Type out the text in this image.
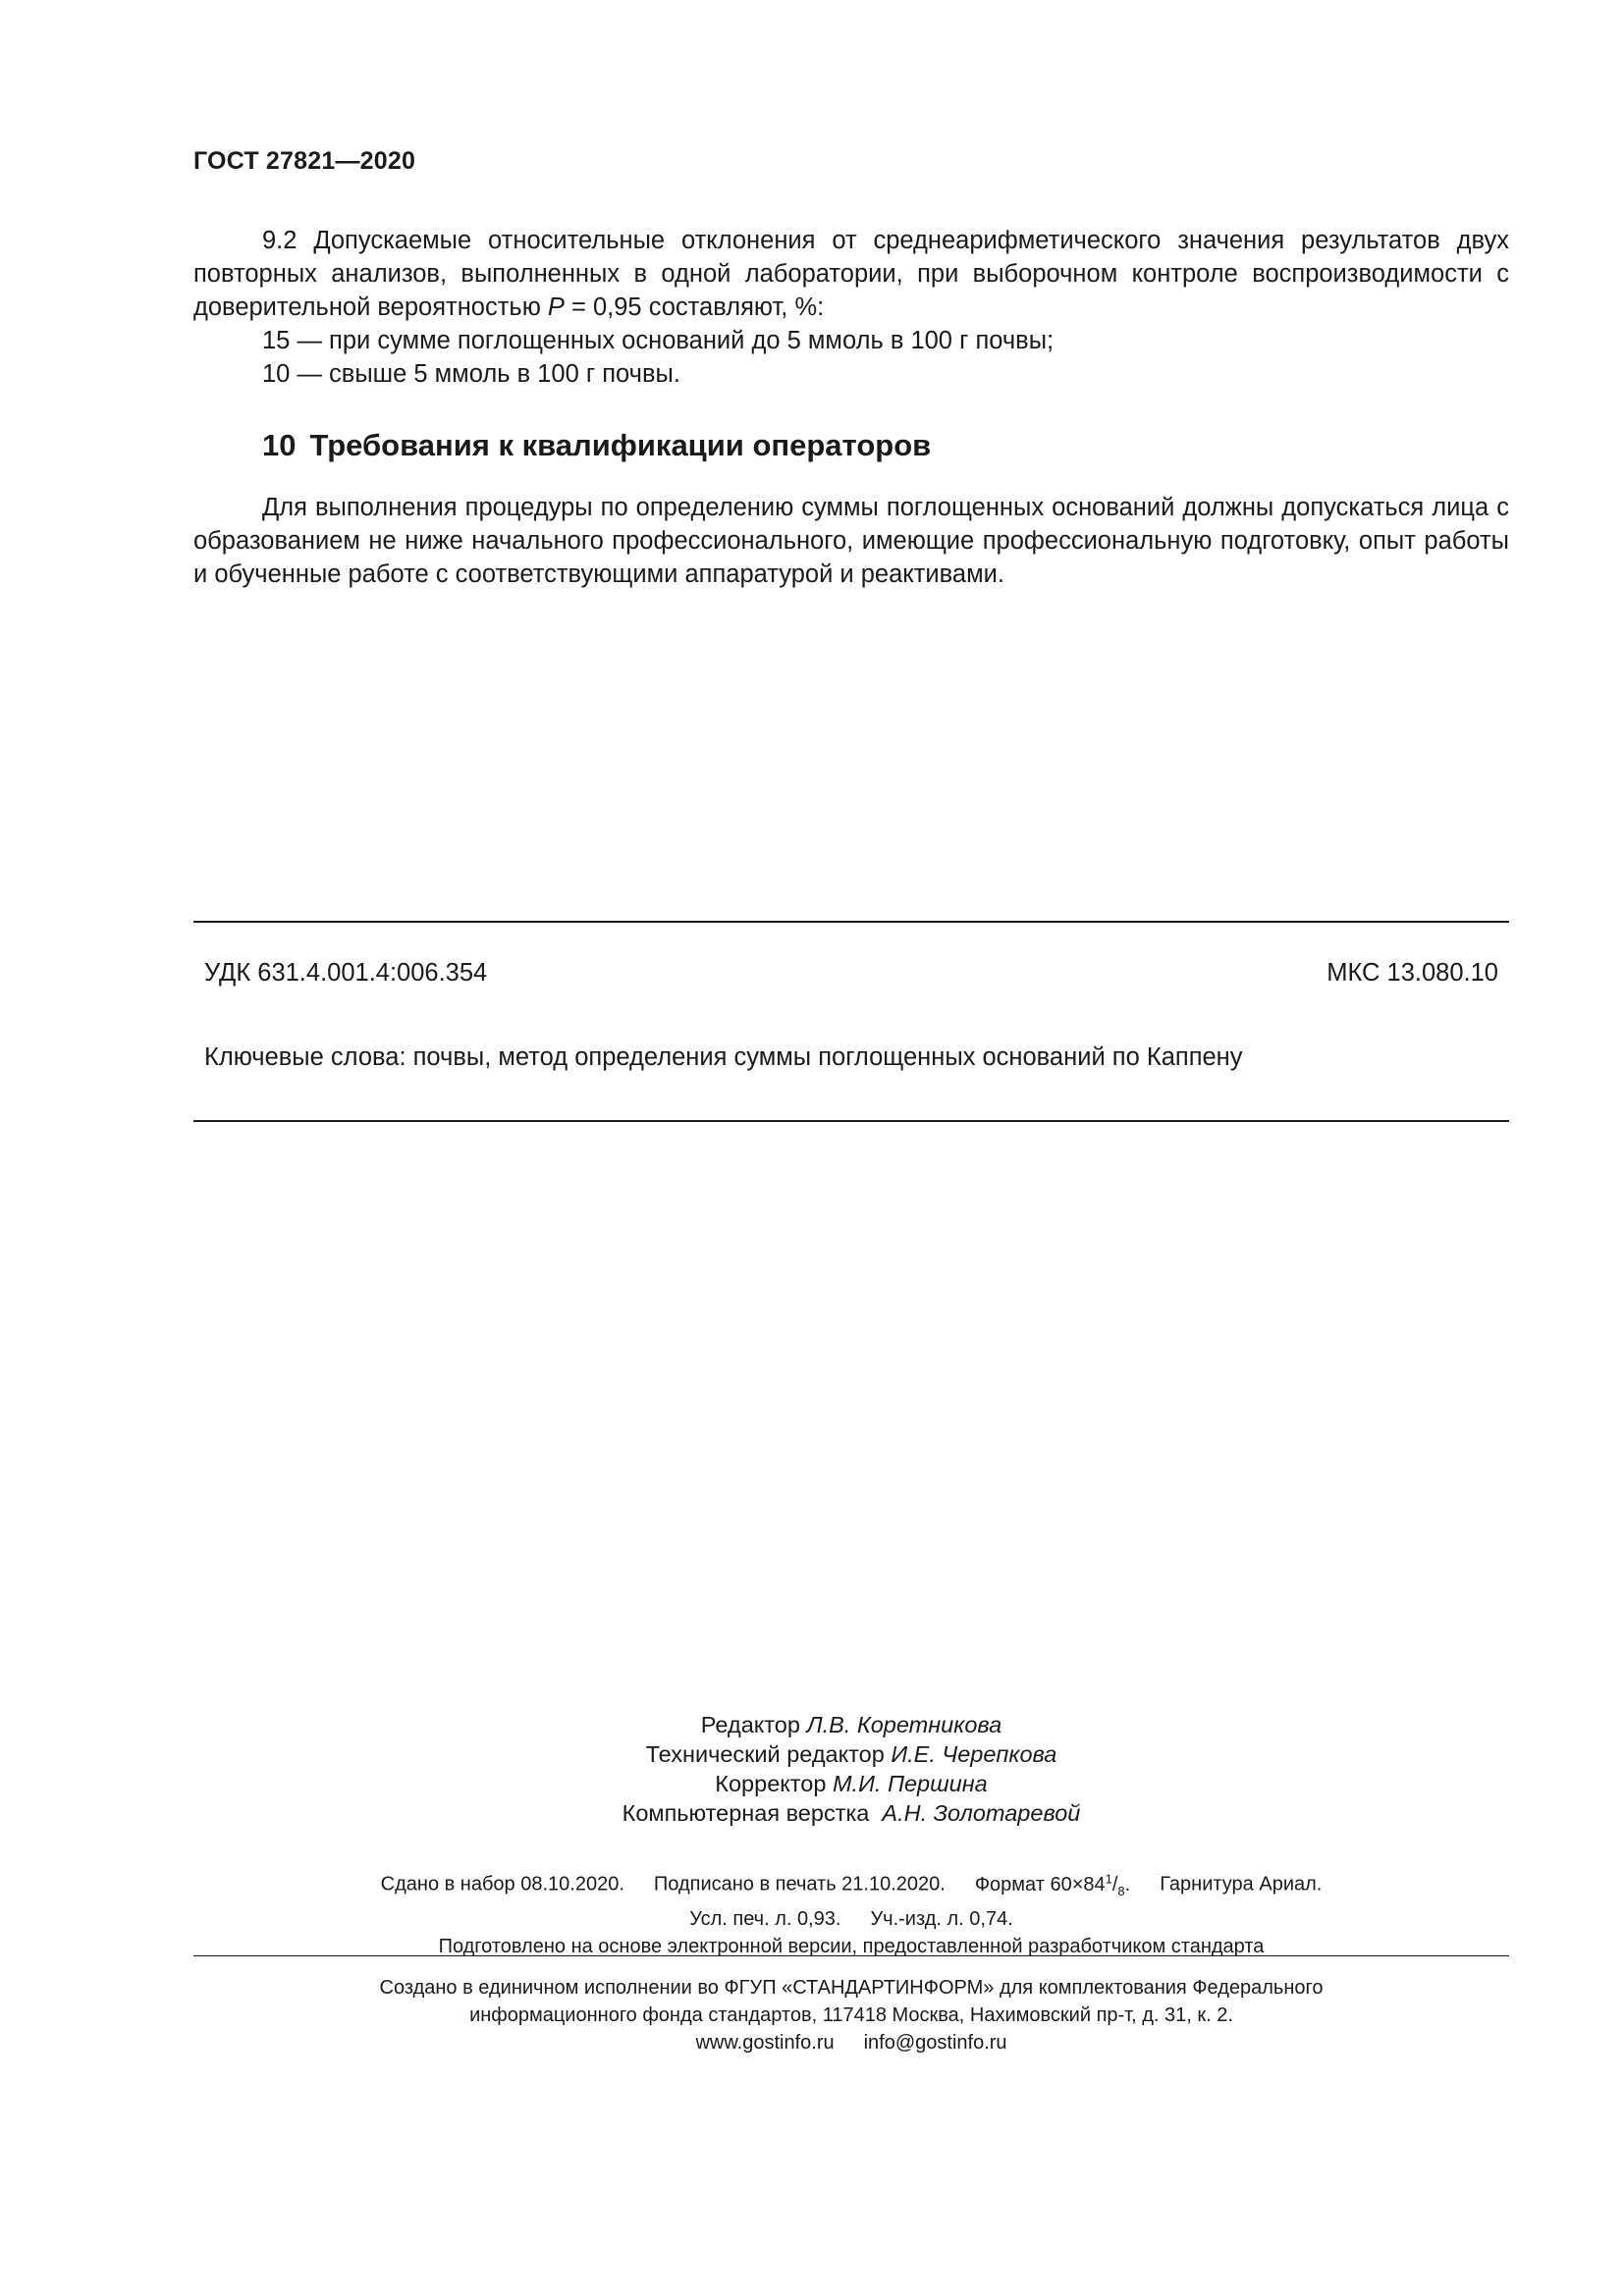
ГОСТ 27821—2020
9.2 Допускаемые относительные отклонения от среднеарифметического значения результатов двух повторных анализов, выполненных в одной лаборатории, при выборочном контроле воспроизводимости с доверительной вероятностью P = 0,95 составляют, %:
15 — при сумме поглощенных оснований до 5 ммоль в 100 г почвы;
10 — свыше 5 ммоль в 100 г почвы.
10 Требования к квалификации операторов
Для выполнения процедуры по определению суммы поглощенных оснований должны допускаться лица с образованием не ниже начального профессионального, имеющие профессиональную подготовку, опыт работы и обученные работе с соответствующими аппаратурой и реактивами.
УДК 631.4.001.4:006.354	МКС 13.080.10
Ключевые слова: почвы, метод определения суммы поглощенных оснований по Каппену
Редактор Л.В. Коретникова
Технический редактор И.Е. Черепкова
Корректор М.И. Першина
Компьютерная верстка  А.Н. Золотаревой
Сдано в набор 08.10.2020. Подписано в печать 21.10.2020. Формат $60\times 84^1/_8$. Гарнитура Ариал.
Усл. печ. л. 0,93. Уч.-изд. л. 0,74.
Подготовлено на основе электронной версии, предоставленной разработчиком стандарта
Создано в единичном исполнении во ФГУП «СТАНДАРТИНФОРМ» для комплектования Федерального
информационного фонда стандартов, 117418 Москва, Нахимовский пр-т, д. 31, к. 2.
www.gostinfo.ru info@gostinfo.ru
